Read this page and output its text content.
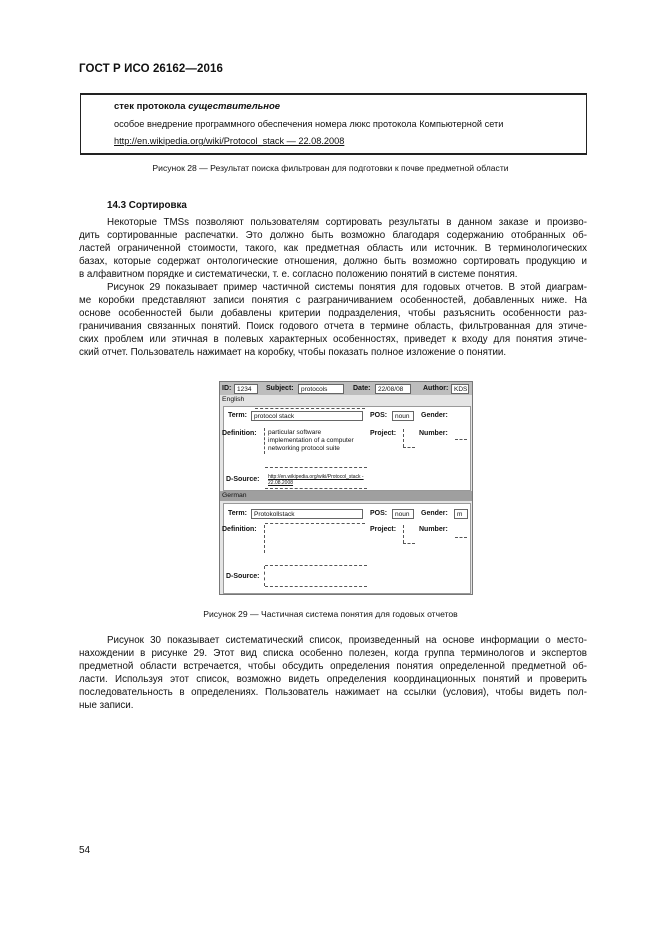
ГОСТ Р ИСО 26162—2016
стек протокола существительное
особое внедрение программного обеспечения номера люкс протокола Компьютерной сети
http://en.wikipedia.org/wiki/Protocol_stack — 22.08.2008
Рисунок 28 — Результат поиска фильтрован для подготовки к почве предметной области
14.3 Сортировка
Некоторые TMSs позволяют пользователям сортировать результаты в данном заказе и произво-
дить сортированные распечатки. Это должно быть возможно благодаря содержанию отобранных об-
ластей ограниченной стоимости, такого, как предметная область или источник. В терминологических
базах, которые содержат онтологические отношения, должно быть возможно сортировать продукцию и
в алфавитном порядке и систематически, т. е. согласно положению понятий в системе понятия.
Рисунок 29 показывает пример частичной системы понятия для годовых отчетов. В этой диаграм-
ме коробки представляют записи понятия с разграничиванием особенностей, добавленных ниже. На
основе особенностей были добавлены критерии подразделения, чтобы разъяснить особенности раз-
граничивания связанных понятий. Поиск годового отчета в термине область, фильтрованная для этиче-
ских проблем или этичная в полевых характерных особенностях, приведет к входу для понятия этиче-
ский отчет. Пользователь нажимает на коробку, чтобы показать полное изложение о понятии.
ID: 1234	Subject:	protocols	Date:	22/08/08	Author: KDS
English
Term:	protocol stack	POS:	noun	Gender:
Definition: particular software
implementation of a computer
networking protocol suite
Project:	Number:
D-Source: http://en.wikipedia.org/wiki/Protocol_stack -
22.08.2008
German
Term:	Protokollstack	POS:	noun	Gender:	m
Definition:	Project:	Number:
D-Source:
Рисунок 29 — Частичная система понятия для годовых отчетов
Рисунок 30 показывает систематический список, произведенный на основе информации о место-
нахождении в рисунке 29. Этот вид списка особенно полезен, когда группа терминологов и экспертов
предметной области встречается, чтобы обсудить определения понятия определенной предметной об-
ласти. Используя этот список, возможно видеть определения координационных понятий и проверить
последовательность в определениях. Пользователь нажимает на ссылки (условия), чтобы видеть пол-
ные записи.
54
